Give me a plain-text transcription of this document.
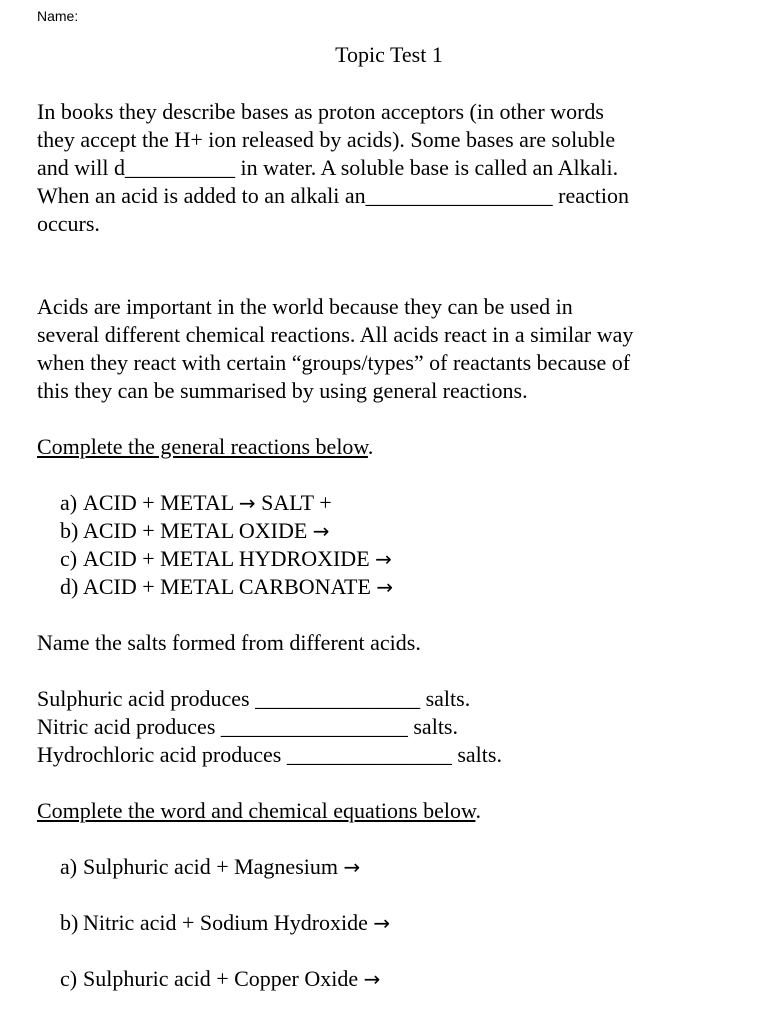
Name:
Topic Test 1
In books they describe bases as proton acceptors (in other words
they accept the H+ ion released by acids). Some bases are soluble
and will d__________ in water. A soluble base is called an Alkali.
When an acid is added to an alkali an_________________ reaction
occurs.
Acids are important in the world because they can be used in
several different chemical reactions. All acids react in a similar way
when they react with certain “groups/types” of reactants because of
this they can be summarised by using general reactions.
Complete the general reactions below.
a) ACID + METAL → SALT +
b) ACID + METAL OXIDE →
c) ACID + METAL HYDROXIDE →
d) ACID + METAL CARBONATE →
Name the salts formed from different acids.
Sulphuric acid produces _______________ salts.
Nitric acid produces _________________ salts.
Hydrochloric acid produces _______________ salts.
Complete the word and chemical equations below.
a) Sulphuric acid + Magnesium →
b) Nitric acid + Sodium Hydroxide →
c) Sulphuric acid + Copper Oxide →
